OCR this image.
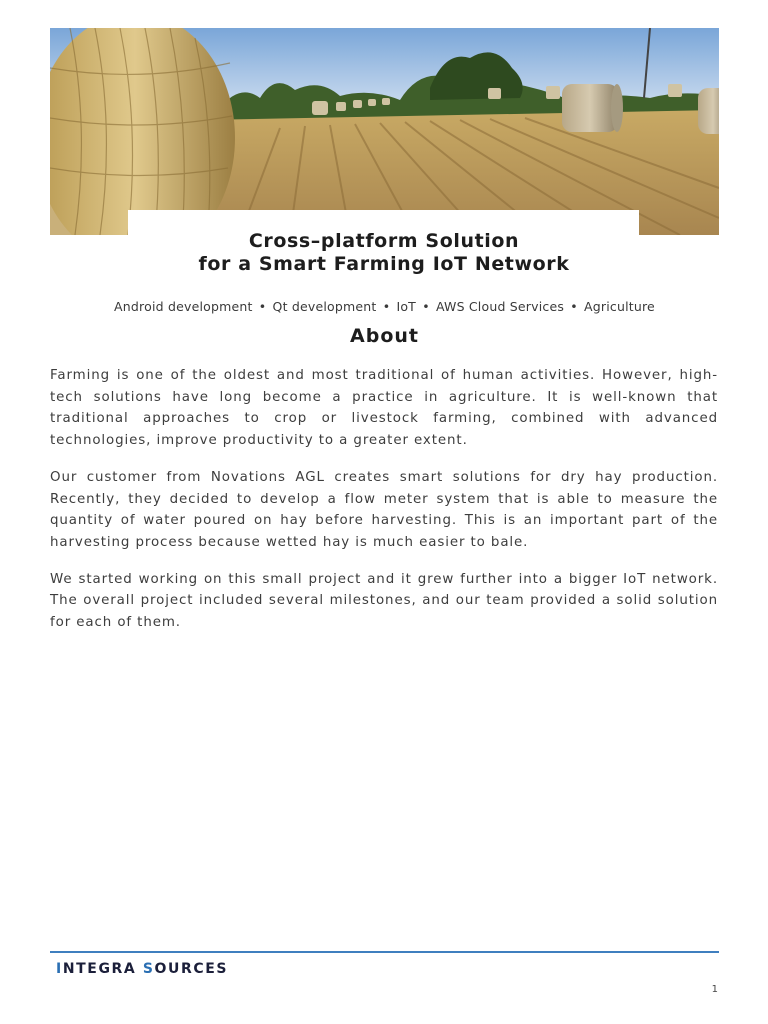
Cross–platform Solution
for a Smart Farming IoT Network
Android development • Qt development • IoT • AWS Cloud Services • Agriculture
About

Farming is one of the oldest and most traditional of human activities. However, high-tech solutions have long become a practice in agriculture. It is well-known that traditional approaches to crop or livestock farming, combined with advanced technologies, improve productivity to a greater extent.

Our customer from Novations AGL creates smart solutions for dry hay production. Recently, they decided to develop a flow meter system that is able to measure the quantity of water poured on hay before harvesting. This is an important part of the harvesting process because wetted hay is much easier to bale.

We started working on this small project and it grew further into a bigger IoT network. The overall project included several milestones, and our team provided a solid solution for each of them.

INTEGRA SOURCES
1
